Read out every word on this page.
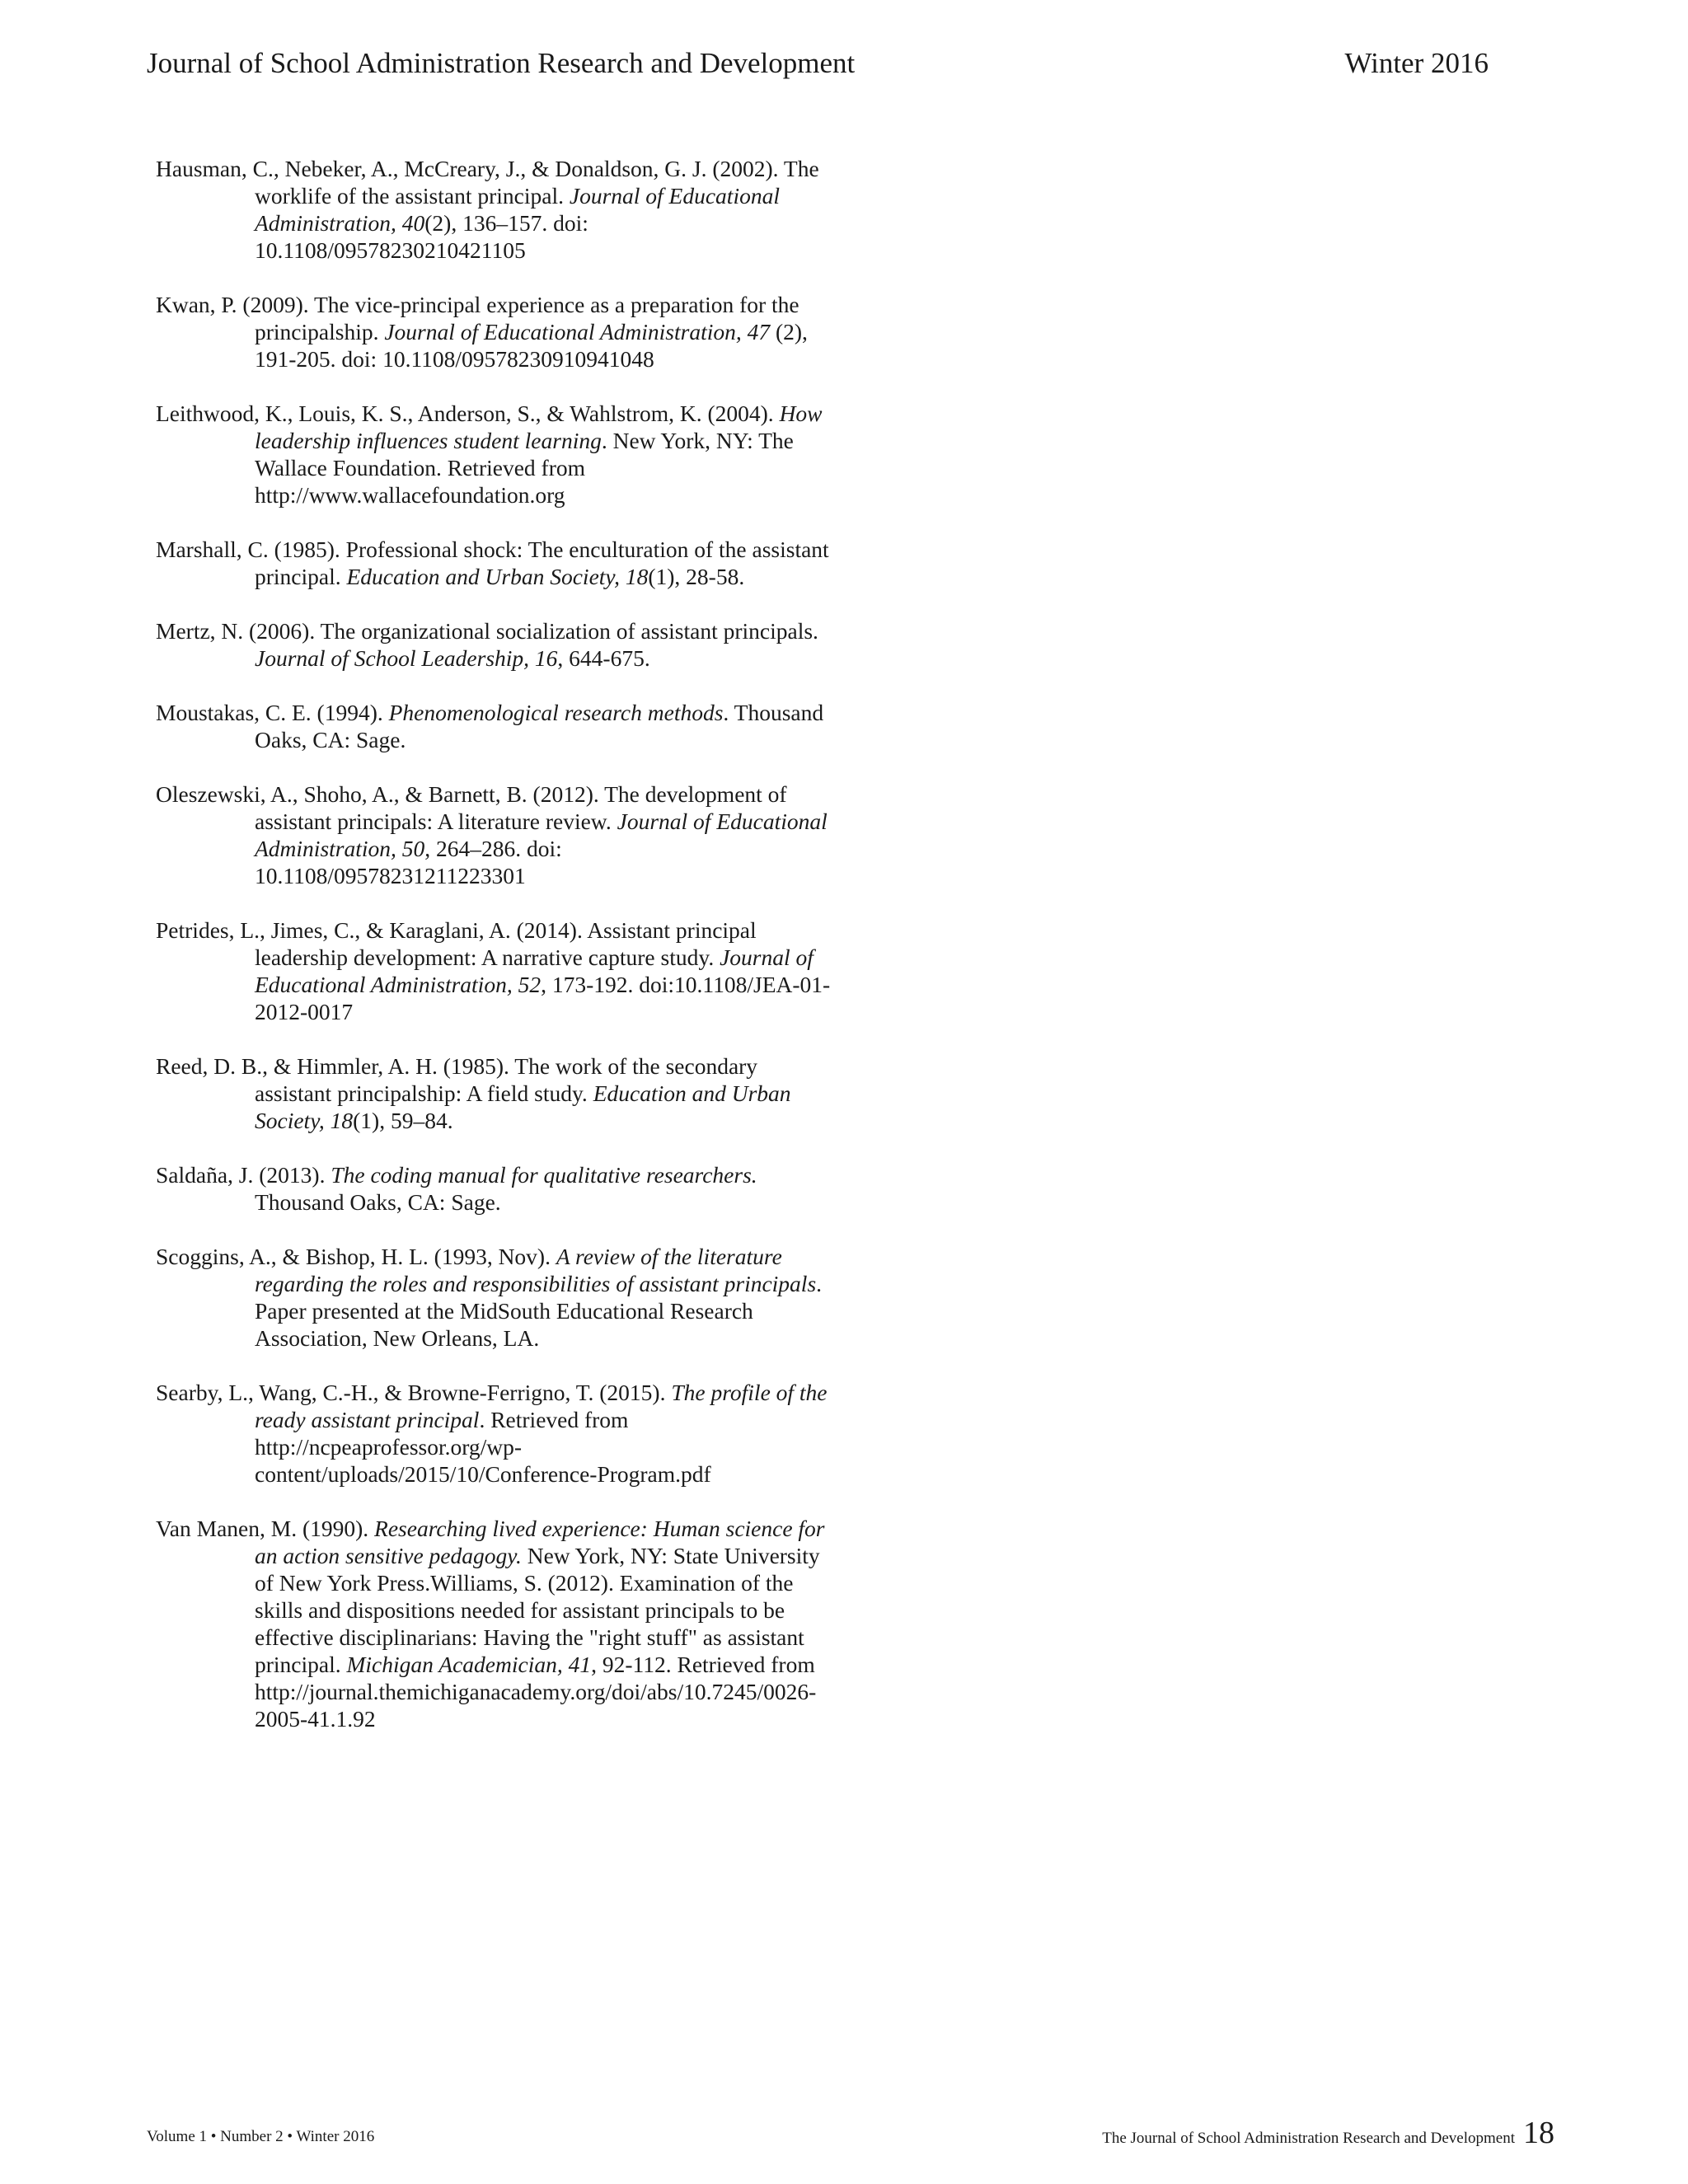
Journal of School Administration Research and Development	Winter 2016

Hausman, C., Nebeker, A., McCreary, J., & Donaldson, G. J. (2002). The worklife of the assistant principal. Journal of Educational Administration, 40(2), 136–157. doi: 10.1108/09578230210421105

Kwan, P. (2009). The vice-principal experience as a preparation for the principalship. Journal of Educational Administration, 47 (2), 191-205. doi: 10.1108/09578230910941048

Leithwood, K., Louis, K. S., Anderson, S., & Wahlstrom, K. (2004). How leadership influences student learning. New York, NY: The Wallace Foundation. Retrieved from http://www.wallacefoundation.org

Marshall, C. (1985). Professional shock: The enculturation of the assistant principal. Education and Urban Society, 18(1), 28-58.

Mertz, N. (2006). The organizational socialization of assistant principals. Journal of School Leadership, 16, 644-675.

Moustakas, C. E. (1994). Phenomenological research methods. Thousand Oaks, CA: Sage.

Oleszewski, A., Shoho, A., & Barnett, B. (2012). The development of assistant principals: A literature review. Journal of Educational Administration, 50, 264–286. doi: 10.1108/09578231211223301

Petrides, L., Jimes, C., & Karaglani, A. (2014). Assistant principal leadership development: A narrative capture study. Journal of Educational Administration, 52, 173-192. doi:10.1108/JEA-01-2012-0017

Reed, D. B., & Himmler, A. H. (1985). The work of the secondary assistant principalship: A field study. Education and Urban Society, 18(1), 59–84.

Saldaña, J. (2013). The coding manual for qualitative researchers.  Thousand Oaks, CA: Sage.

Scoggins, A., & Bishop, H. L. (1993, Nov). A review of the literature regarding the roles and responsibilities of assistant principals. Paper presented at the MidSouth Educational Research Association, New Orleans, LA.

Searby, L., Wang, C.-H., & Browne-Ferrigno, T. (2015). The profile of the ready assistant principal. Retrieved from http://ncpeaprofessor.org/wp-content/uploads/2015/10/Conference-Program.pdf

Van Manen, M. (1990). Researching lived experience: Human science for an action sensitive pedagogy. New York, NY: State University of New York Press.Williams, S. (2012). Examination of the skills and dispositions needed for assistant principals to be effective disciplinarians: Having the "right stuff" as assistant principal. Michigan Academician, 41, 92-112. Retrieved from http://journal.themichiganacademy.org/doi/abs/10.7245/0026-2005-41.1.92

Volume 1 • Number 2 • Winter 2016	The Journal of School Administration Research and Development 18
